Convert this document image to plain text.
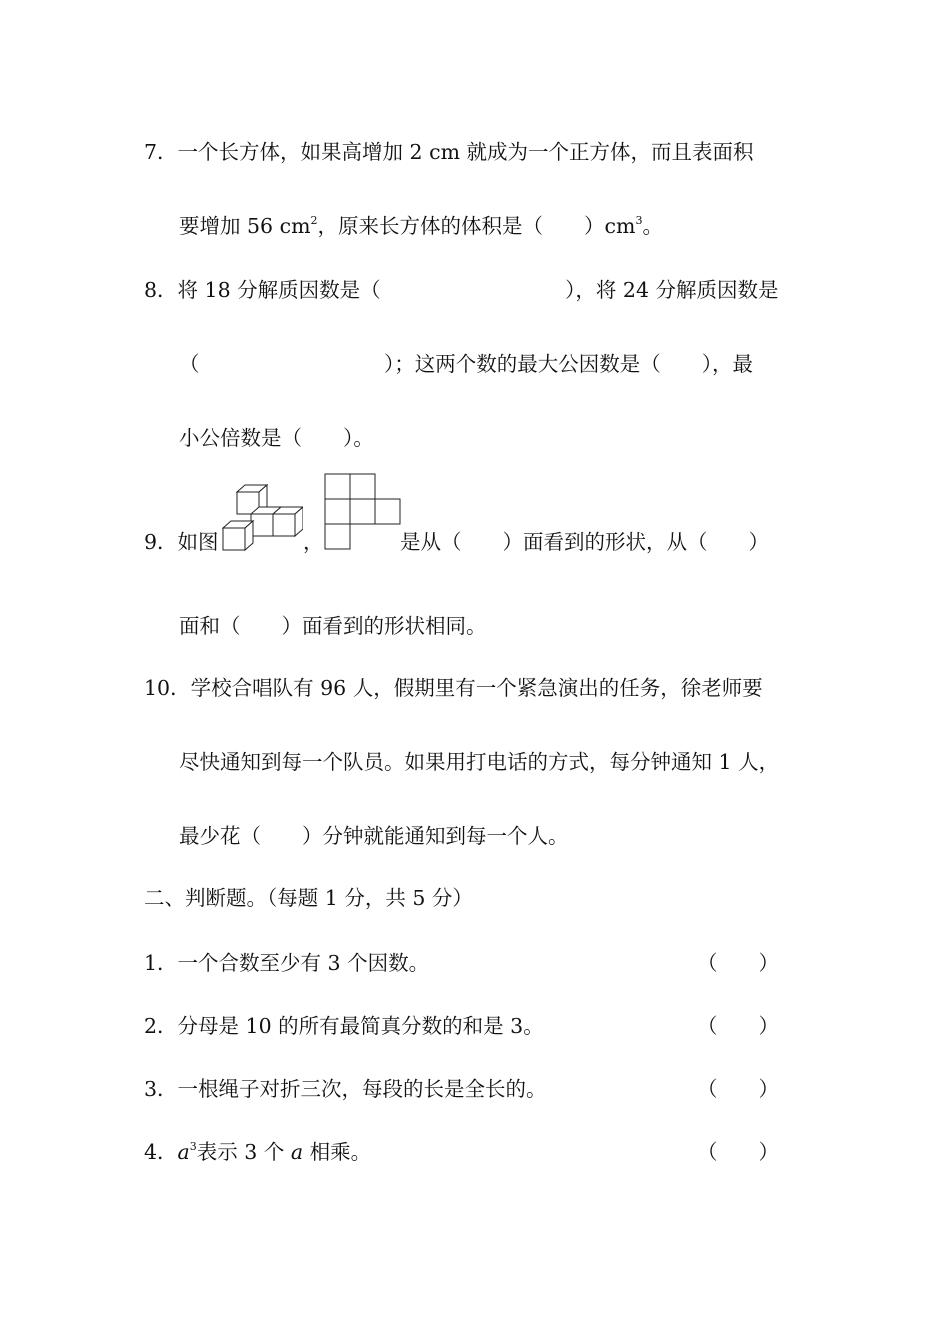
7．一个长方体，如果高增加 2 cm 就成为一个正方体，而且表面积
要增加 56 $cm^2$，原来长方体的体积是（　　）$cm^3$。
8．将 18 分解质因数是（　　　　　　　　　），将 24 分解质因数是
（　　　　　　　　　）；这两个数的最大公因数是（　　），最
小公倍数是（　　）。
9．如图	，	是从（　　）面看到的形状，从（　　）
面和（　　）面看到的形状相同。
10．学校合唱队有 96 人，假期里有一个紧急演出的任务，徐老师要
尽快通知到每一个队员。如果用打电话的方式，每分钟通知 1 人，
最少花（　　）分钟就能通知到每一个人。
二、判断题。（每题 1 分，共 5 分）
1．一个合数至少有 3 个因数。	（　　）
2．分母是 10 的所有最简真分数的和是 3。	（　　）
3．一根绳子对折三次，每段的长是全长的。	（　　）
4．$a^3$表示 3 个 a 相乘。	（　　）
